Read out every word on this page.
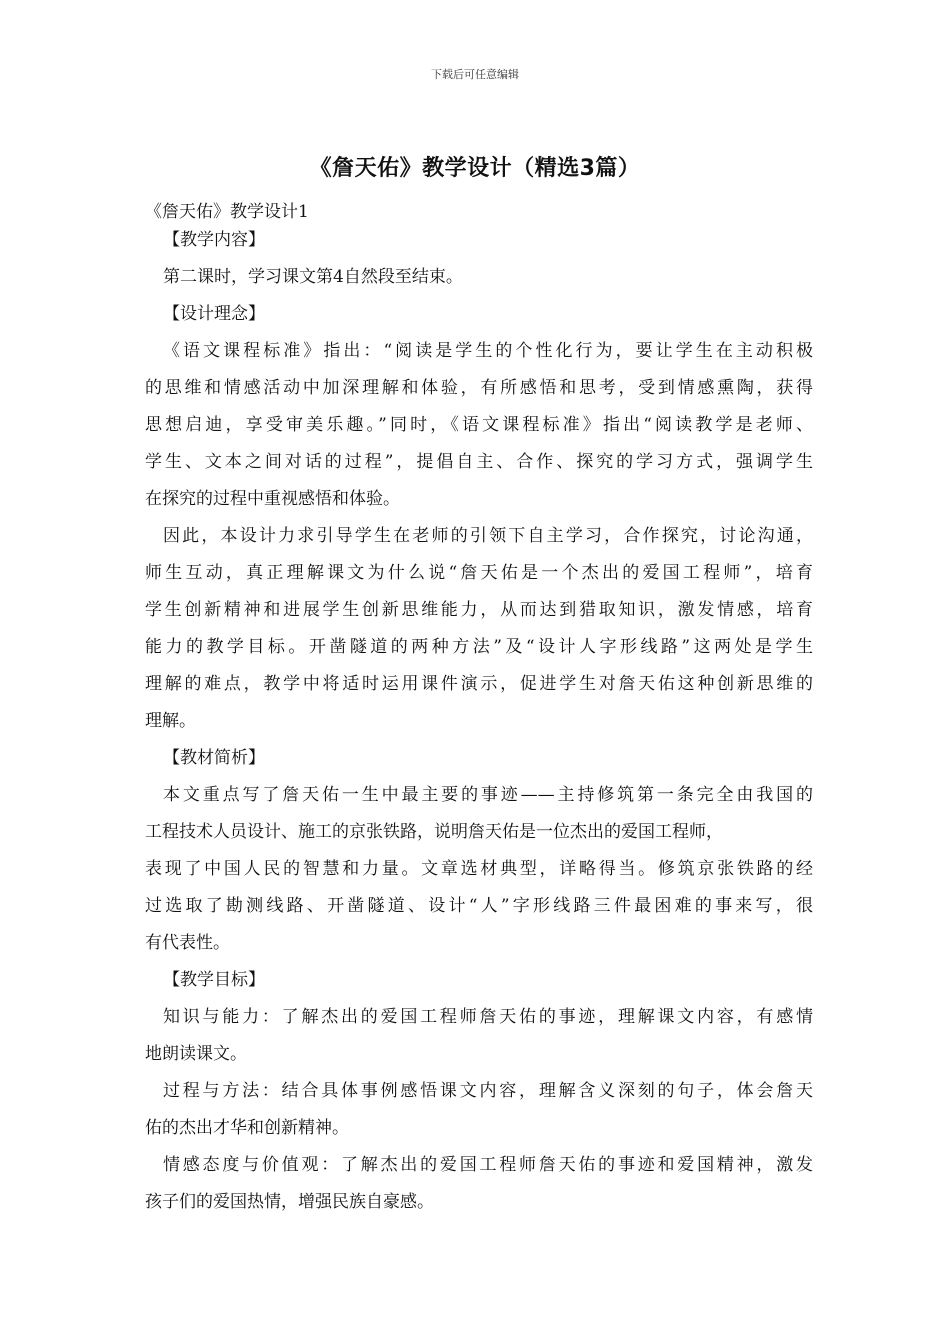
下载后可任意编辑
《詹天佑》教学设计（精选3篇）
《詹天佑》教学设计1
【教学内容】
第二课时，学习课文第4自然段至结束。
【设计理念】
《语文课程标准》指出：“阅读是学生的个性化行为，要让学生在主动积极
的思维和情感活动中加深理解和体验，有所感悟和思考，受到情感熏陶，获得
思想启迪，享受审美乐趣。”同时，《语文课程标准》指出“阅读教学是老师、
学生、文本之间对话的过程”，提倡自主、合作、探究的学习方式，强调学生
在探究的过程中重视感悟和体验。
因此，本设计力求引导学生在老师的引领下自主学习，合作探究，讨论沟通，
师生互动，真正理解课文为什么说“詹天佑是一个杰出的爱国工程师”，培育
学生创新精神和进展学生创新思维能力，从而达到猎取知识，激发情感，培育
能力的教学目标。开凿隧道的两种方法”及“设计人字形线路”这两处是学生
理解的难点，教学中将适时运用课件演示，促进学生对詹天佑这种创新思维的
理解。
【教材简析】
本文重点写了詹天佑一生中最主要的事迹——主持修筑第一条完全由我国的
工程技术人员设计、施工的京张铁路，说明詹天佑是一位杰出的爱国工程师，
表现了中国人民的智慧和力量。文章选材典型，详略得当。修筑京张铁路的经
过选取了勘测线路、开凿隧道、设计“人”字形线路三件最困难的事来写，很
有代表性。
【教学目标】
知识与能力：了解杰出的爱国工程师詹天佑的事迹，理解课文内容，有感情
地朗读课文。
过程与方法：结合具体事例感悟课文内容，理解含义深刻的句子，体会詹天
佑的杰出才华和创新精神。
情感态度与价值观：了解杰出的爱国工程师詹天佑的事迹和爱国精神，激发
孩子们的爱国热情，增强民族自豪感。
